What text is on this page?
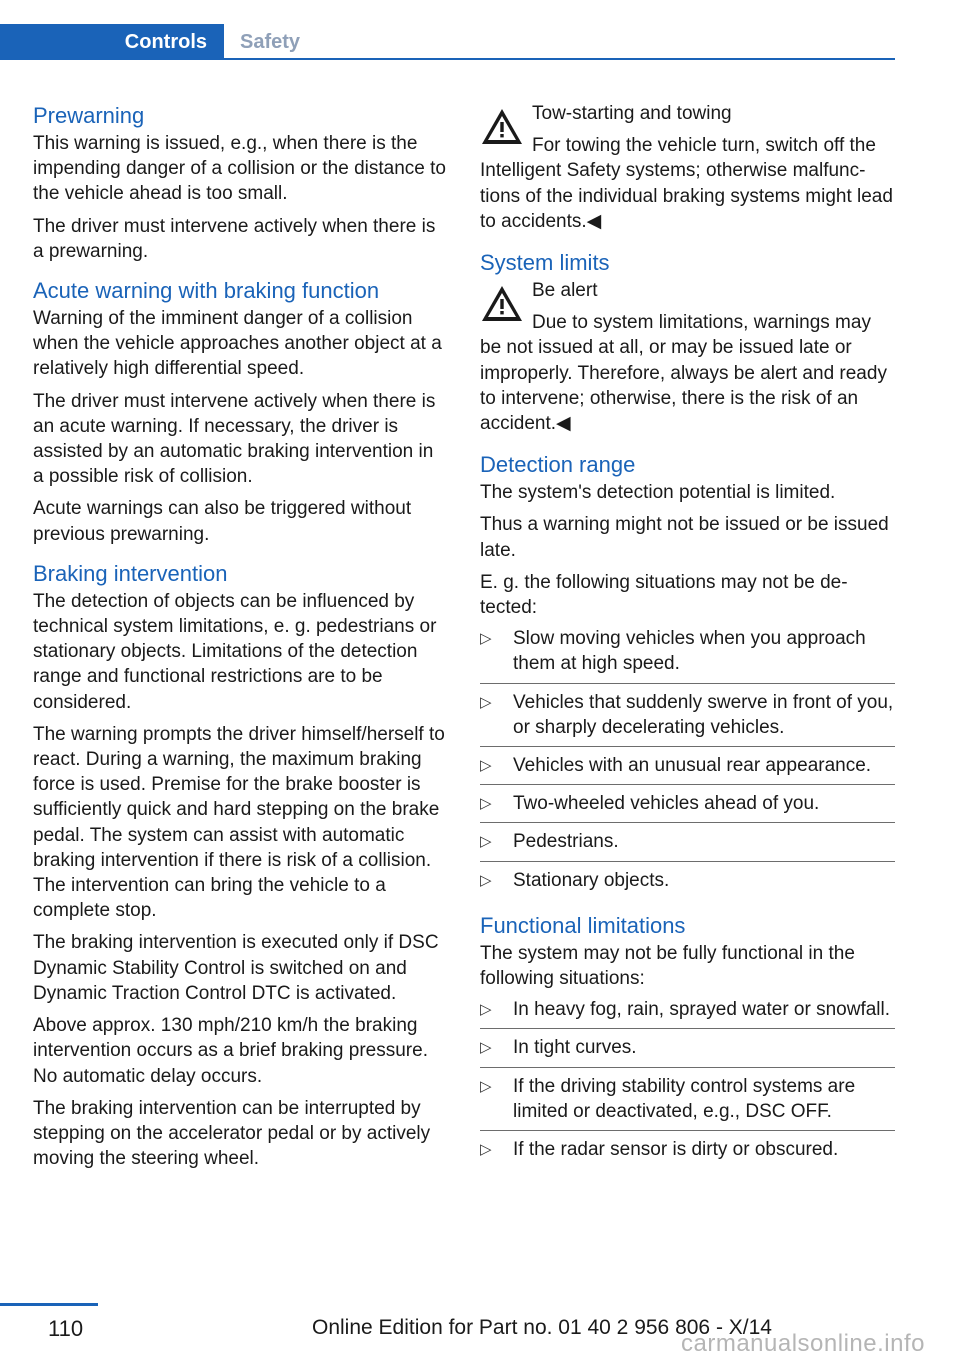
Controls	Safety
Prewarning

This warning is issued, e.g., when there is the impending danger of a collision or the distance to the vehicle ahead is too small.

The driver must intervene actively when there is a prewarning.

Acute warning with braking function

Warning of the imminent danger of a collision when the vehicle approaches another object at a relatively high differential speed.

The driver must intervene actively when there is an acute warning. If necessary, the driver is assisted by an automatic braking intervention in a possible risk of collision.

Acute warnings can also be triggered without previous prewarning.

Braking intervention

The detection of objects can be influenced by technical system limitations, e. g. pedestrians or stationary objects. Limitations of the detection range and functional restrictions are to be considered.

The warning prompts the driver himself/herself to react. During a warning, the maximum braking force is used. Premise for the brake booster is sufficiently quick and hard stepping on the brake pedal. The system can assist with automatic braking intervention if there is risk of a collision. The intervention can bring the vehicle to a complete stop.

The braking intervention is executed only if DSC Dynamic Stability Control is switched on and Dynamic Traction Control DTC is activated.

Above approx. 130 mph/210 km/h the braking intervention occurs as a brief braking pressure. No automatic delay occurs.

The braking intervention can be interrupted by stepping on the accelerator pedal or by actively moving the steering wheel.

Tow-starting and towing

For towing the vehicle turn, switch off the Intelligent Safety systems; otherwise malfunctions of the individual braking systems might lead to accidents.◀

System limits

Be alert

Due to system limitations, warnings may be not issued at all, or may be issued late or improperly. Therefore, always be alert and ready to intervene; otherwise, there is the risk of an accident.◀

Detection range

The system's detection potential is limited.

Thus a warning might not be issued or be issued late.

E. g. the following situations may not be detected:

▷ Slow moving vehicles when you approach them at high speed.
▷ Vehicles that suddenly swerve in front of you, or sharply decelerating vehicles.
▷ Vehicles with an unusual rear appearance.
▷ Two-wheeled vehicles ahead of you.
▷ Pedestrians.
▷ Stationary objects.
Functional limitations

The system may not be fully functional in the following situations:

▷ In heavy fog, rain, sprayed water or snowfall.
▷ In tight curves.
▷ If the driving stability control systems are limited or deactivated, e.g., DSC OFF.
▷ If the radar sensor is dirty or obscured.
110	Online Edition for Part no. 01 40 2 956 806 - X/14
carmanualsonline.info
